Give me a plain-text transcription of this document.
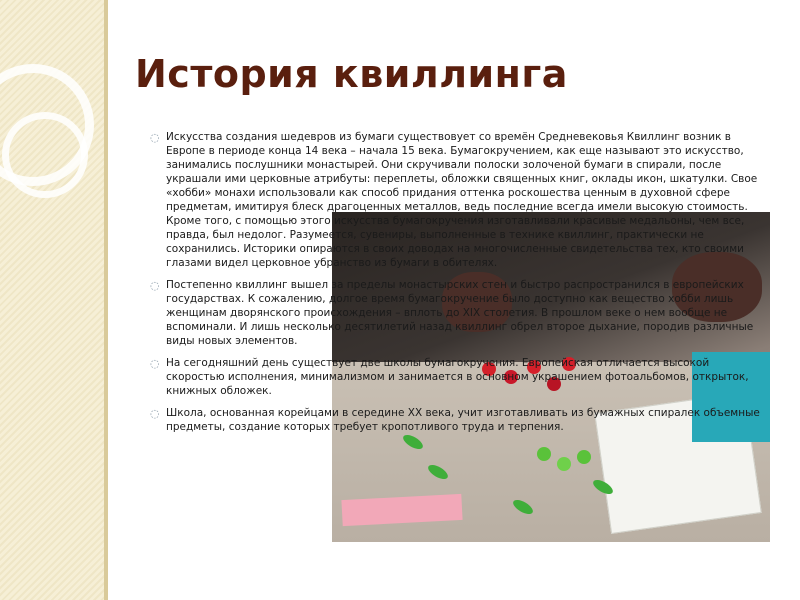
История квиллинга
◌ Искусства создания шедевров из бумаги существовует со времён Средневековья Квиллинг возник в Европе в периоде конца 14 века – начала 15 века. Бумагокручением, как еще называют это искусство, занимались послушники монастырей. Они скручивали полоски золоченой бумаги в спирали, после украшали ими церковные атрибуты: переплеты, обложки священных книг, оклады икон, шкатулки. Свое «хобби» монахи использовали как способ придания оттенка роскошества ценным в духовной сфере предметам, имитируя блеск драгоценных металлов, ведь последние всегда имели высокую стоимость. Кроме того, с помощью этого искусства бумагокручения изготавливали красивые медальоны, чем все, правда, был недолог. Разумеется, сувениры, выполненные в технике квиллинг, практически не сохранились. Историки опираются в своих доводах на многочисленные свидетельства тех, кто своими глазами видел церковное убранство из бумаги в обителях.
◌ Постепенно квиллинг вышел за пределы монастырских стен и быстро распространился в европейских государствах. К сожалению, долгое время бумагокручение было доступно как вещество хобби лишь женщинам дворянского происхождения – вплоть до XIX столетия. В прошлом веке о нем вообще не вспоминали. И лишь несколько десятилетий назад квиллинг обрел второе дыхание, породив различные виды новых элементов.
◌ На сегодняшний день существует две школы бумагокручения. Европейская отличается высокой скоростью исполнения, минимализмом и занимается в основном украшением фотоальбомов, открыток, книжных обложек.
◌ Школа, основанная корейцами в середине XX века, учит изготавливать из бумажных спиралек объемные предметы, создание которых требует кропотливого труда и терпения.
